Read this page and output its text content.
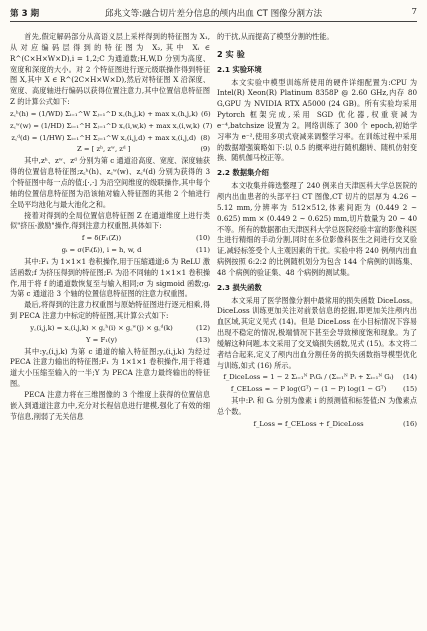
第 3 期	邱兆文等:融合切片差分信息的颅内出血 CT 图像分割方法	7

首先,假定解码部分从高语义层上采样得到的特征图为 X₁,从对应编码层得到的特征图为 X₂,其中 Xᵢ ∈ R^(C×H×W×D),i = 1,2;C 为通道数;H,W,D 分别为高度、宽度和深度的大小。对 2 个特征图进行逐元级联操作得到特征图 X,其中 X ∈ R^(2C×H×W×D),然后对特征图 X 沿深度、宽度、高度轴进行编码以获得位置注意力,其中位置信息特征图 Z 的计算公式如下:

z꜀ʰ(h) = (1/WD) Σᵢ₌₁^W Σⱼ₌₁^D x꜀(h,j,k) + max x꜀(h,j,k) (6)
z꜀ʷ(w) = (1/HD) Σᵢ₌₁^H Σⱼ₌₁^D x꜀(i,w,k) + max x꜀(i,w,k) (7)
z꜀ᵈ(d) = (1/HW) Σᵢ₌₁^H Σⱼ₌₁^W x꜀(i,j,d) + max x꜀(i,j,d) (8)
Z = [ zʰ, zʷ, zᵈ ]	(9)

其中,zʰ、zʷ、zᵈ 分别为第 c 通道沿高度、宽度、深度轴获得的位置信息特征图;z꜀ʰ(h)、z꜀ʷ(w)、z꜀ᵈ(d) 分别为获得的 3 个特征图中每一点的值;[·,·] 为沿空间维度的级联操作,其中每个轴的位置信息特征图为沿该轴对输入特征图的其他 2 个轴进行全局平均池化与最大池化之和。

接着对得到的全局位置信息特征图 Z 在通道维度上进行类似"挤压-激励"操作,得到注意力权重图,具体如下:

f = δ(F₁(Z))	(10)
gᵢ = σ(Fᵢ(fᵢ)), i = h, w, d	(11)

其中:F₁ 为 1×1×1 卷积操作,用于压缩通道;δ 为 ReLU 激活函数;f 为挤压得到的特征图;Fᵢ 为沿不同轴的 1×1×1 卷积操作,用于将 f 的通道数恢复至与输入相同;σ 为 sigmoid 函数;gᵢ 为第 c 通道沿 3 个轴的位置信息特征图的注意力权重图。

最后,将得到的注意力权重图与原始特征图进行逐元相乘,得到 PECA 注意力中标定的特征图,其计算公式如下:

y꜀(i,j,k) = x꜀(i,j,k) × g꜀ʰ(i) × g꜀ʷ(j) × g꜀ᵈ(k)	(12)
Y = F₁(y)	(13)

其中:y꜀(i,j,k) 为第 c 通道的输入特征图;y꜀(i,j,k) 为经过 PECA 注意力输出的特征图;F₁ 为 1×1×1 卷积操作,用于将通道大小压缩至输入的一半;Y 为 PECA 注意力最终输出的特征图。

PECA 注意力将在三维图像的 3 个维度上获得的位置信息嵌入到通道注意力中,充分对长程信息进行建模,强化了有效的细节信息,削弱了无关信息

的干扰,从而提高了模型分割的性能。

2 实 验
2.1 实验环境

本文实验中模型训练所使用的硬件详细配置为:CPU 为 Intel(R) Xeon(R) Platinum 8358P @ 2.60 GHz,内存 80 G,GPU 为 NVIDIA RTX A5000 (24 GB)。所有实验均采用 Pytorch 框架完成,采用 SGD 优化器,权重衰减为 e⁻⁴,batchsize 设置为 2。网络训练了 300 个 epoch,初始学习率为 e⁻²,使用多项式衰减来调整学习率。在训练过程中采用的数据增强策略如下:以 0.5 的概率进行随机翻转、随机仿射变换、随机伽马校正等。

2.2 数据集介绍

本文收集并筛选整理了 240 例来自天津医科大学总医院的颅内出血患者的头部平扫 CT 图像,CT 切片的层厚为 4.26 ~ 5.12 mm,分辨率为 512×512,体素间距为 (0.449 2 ~ 0.625) mm × (0.449 2 ~ 0.625) mm,切片数量为 20 ~ 40 不等。所有的数据都由天津医科大学总医院经验丰富的影像科医生进行精细的手动分割,同时在多位影像科医生之间进行交叉验证,减轻标签受个人主观因素的干扰。实验中将 240 例颅内出血病例按照 6:2:2 的比例随机划分为包含 144 个病例的训练集、48 个病例的验证集、48 个病例的测试集。

2.3 损失函数

本文采用了医学图像分割中最常用的损失函数 DiceLoss。DiceLoss 训练更加关注对前景信息的挖掘,即更加关注颅内出血区域,其定义见式 (14)。但是 DiceLoss 在小目标情况下容易出现不稳定的情况,极端情况下甚至会导致梯度饱和现象。为了缓解这种问题,本文采用了交叉熵损失函数,见式 (15)。本文将二者结合起来,定义了颅内出血分割任务的损失函数指导模型优化与训练,如式 (16) 所示。

f_DiceLoss = 1 − 2 Σᵢ₌₁ᴺ PᵢGᵢ / (Σᵢ₌₁ᴺ Pᵢ + Σᵢ₌₁ᴺ Gᵢ)	(14)
f_CELoss = − P log(Gᵀ) − (1 − P) log(1 − Gᵀ)	(15)

其中:Pᵢ 和 Gᵢ 分别为像素 i 的预测值和标签值;N 为像素点总个数。

f_Loss = f_CELoss + f_DiceLoss	(16)
